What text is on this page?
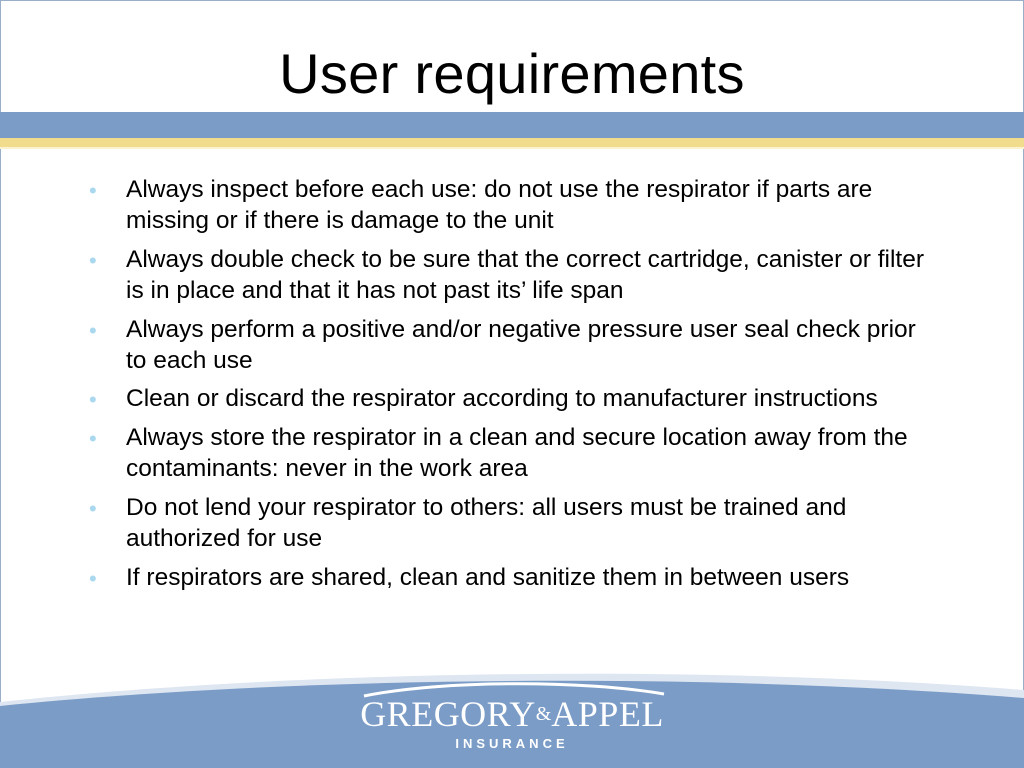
User requirements
• Always inspect before each use: do not use the respirator if parts are missing or if there is damage to the unit
• Always double check to be sure that the correct cartridge, canister or filter is in place and that it has not past its’ life span
• Always perform a positive and/or negative pressure user seal check prior to each use
• Clean or discard the respirator according to manufacturer instructions
• Always store the respirator in a clean and secure location away from the contaminants: never in the work area
• Do not lend your respirator to others: all users must be trained and authorized for use
• If respirators are shared, clean and sanitize them in between users
GREGORY&APPEL
INSURANCE
